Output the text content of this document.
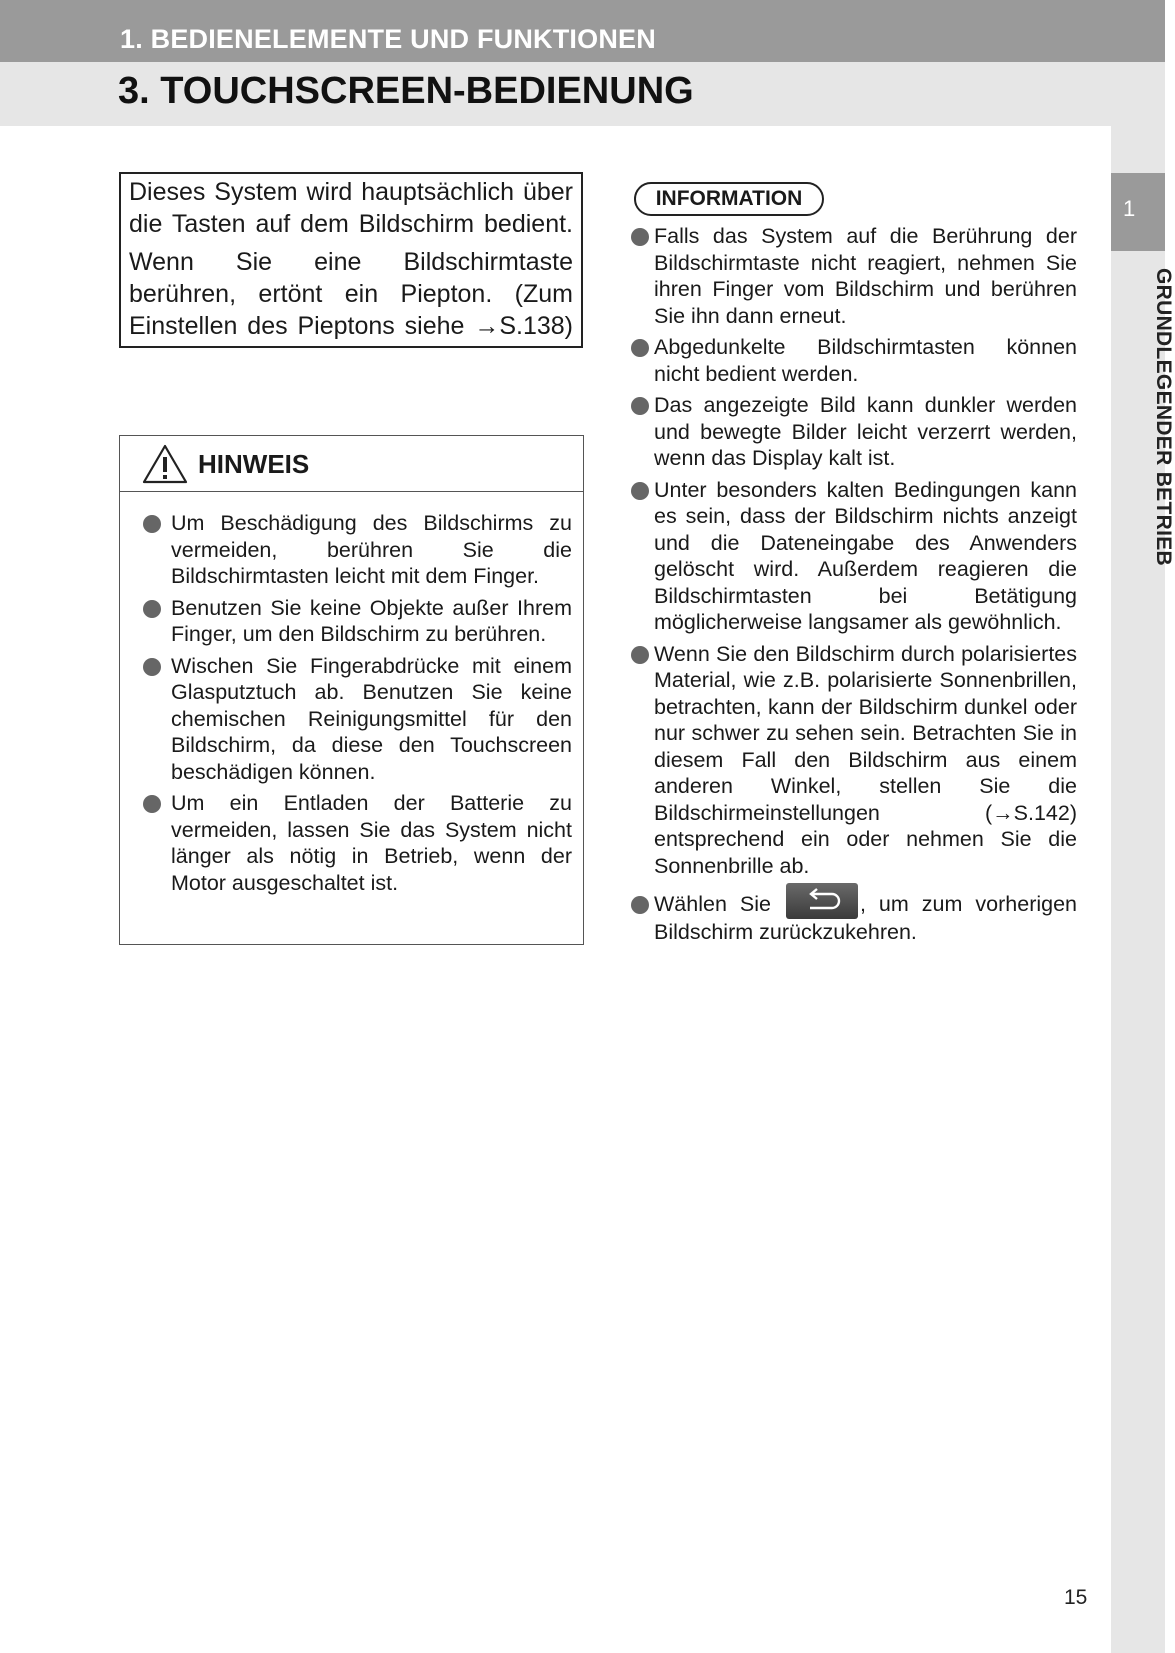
1. BEDIENELEMENTE UND FUNKTIONEN
3. TOUCHSCREEN-BEDIENUNG
1
GRUNDLEGENDER BETRIEB

Dieses System wird hauptsächlich über die Tasten auf dem Bildschirm bedient.

Wenn Sie eine Bildschirmtaste berühren, ertönt ein Piepton. (Zum Einstellen des Pieptons siehe →S.138)

HINWEIS
Um Beschädigung des Bildschirms zu vermeiden, berühren Sie die Bildschirmtasten leicht mit dem Finger.
Benutzen Sie keine Objekte außer Ihrem Finger, um den Bildschirm zu berühren.
Wischen Sie Fingerabdrücke mit einem Glasputztuch ab. Benutzen Sie keine chemischen Reinigungsmittel für den Bildschirm, da diese den Touchscreen beschädigen können.
Um ein Entladen der Batterie zu vermeiden, lassen Sie das System nicht länger als nötig in Betrieb, wenn der Motor ausgeschaltet ist.
INFORMATION
Falls das System auf die Berührung der Bildschirmtaste nicht reagiert, nehmen Sie ihren Finger vom Bildschirm und berühren Sie ihn dann erneut.
Abgedunkelte Bildschirmtasten können nicht bedient werden.
Das angezeigte Bild kann dunkler werden und bewegte Bilder leicht verzerrt werden, wenn das Display kalt ist.
Unter besonders kalten Bedingungen kann es sein, dass der Bildschirm nichts anzeigt und die Dateneingabe des Anwenders gelöscht wird. Außerdem reagieren die Bildschirmtasten bei Betätigung möglicherweise langsamer als gewöhnlich.
Wenn Sie den Bildschirm durch polarisiertes Material, wie z.B. polarisierte Sonnenbrillen, betrachten, kann der Bildschirm dunkel oder nur schwer zu sehen sein. Betrachten Sie in diesem Fall den Bildschirm aus einem anderen Winkel, stellen Sie die Bildschirmeinstellungen (→S.142) entsprechend ein oder nehmen Sie die Sonnenbrille ab.
Wählen Sie	, um zum vorherigen Bildschirm zurückzukehren.
15
